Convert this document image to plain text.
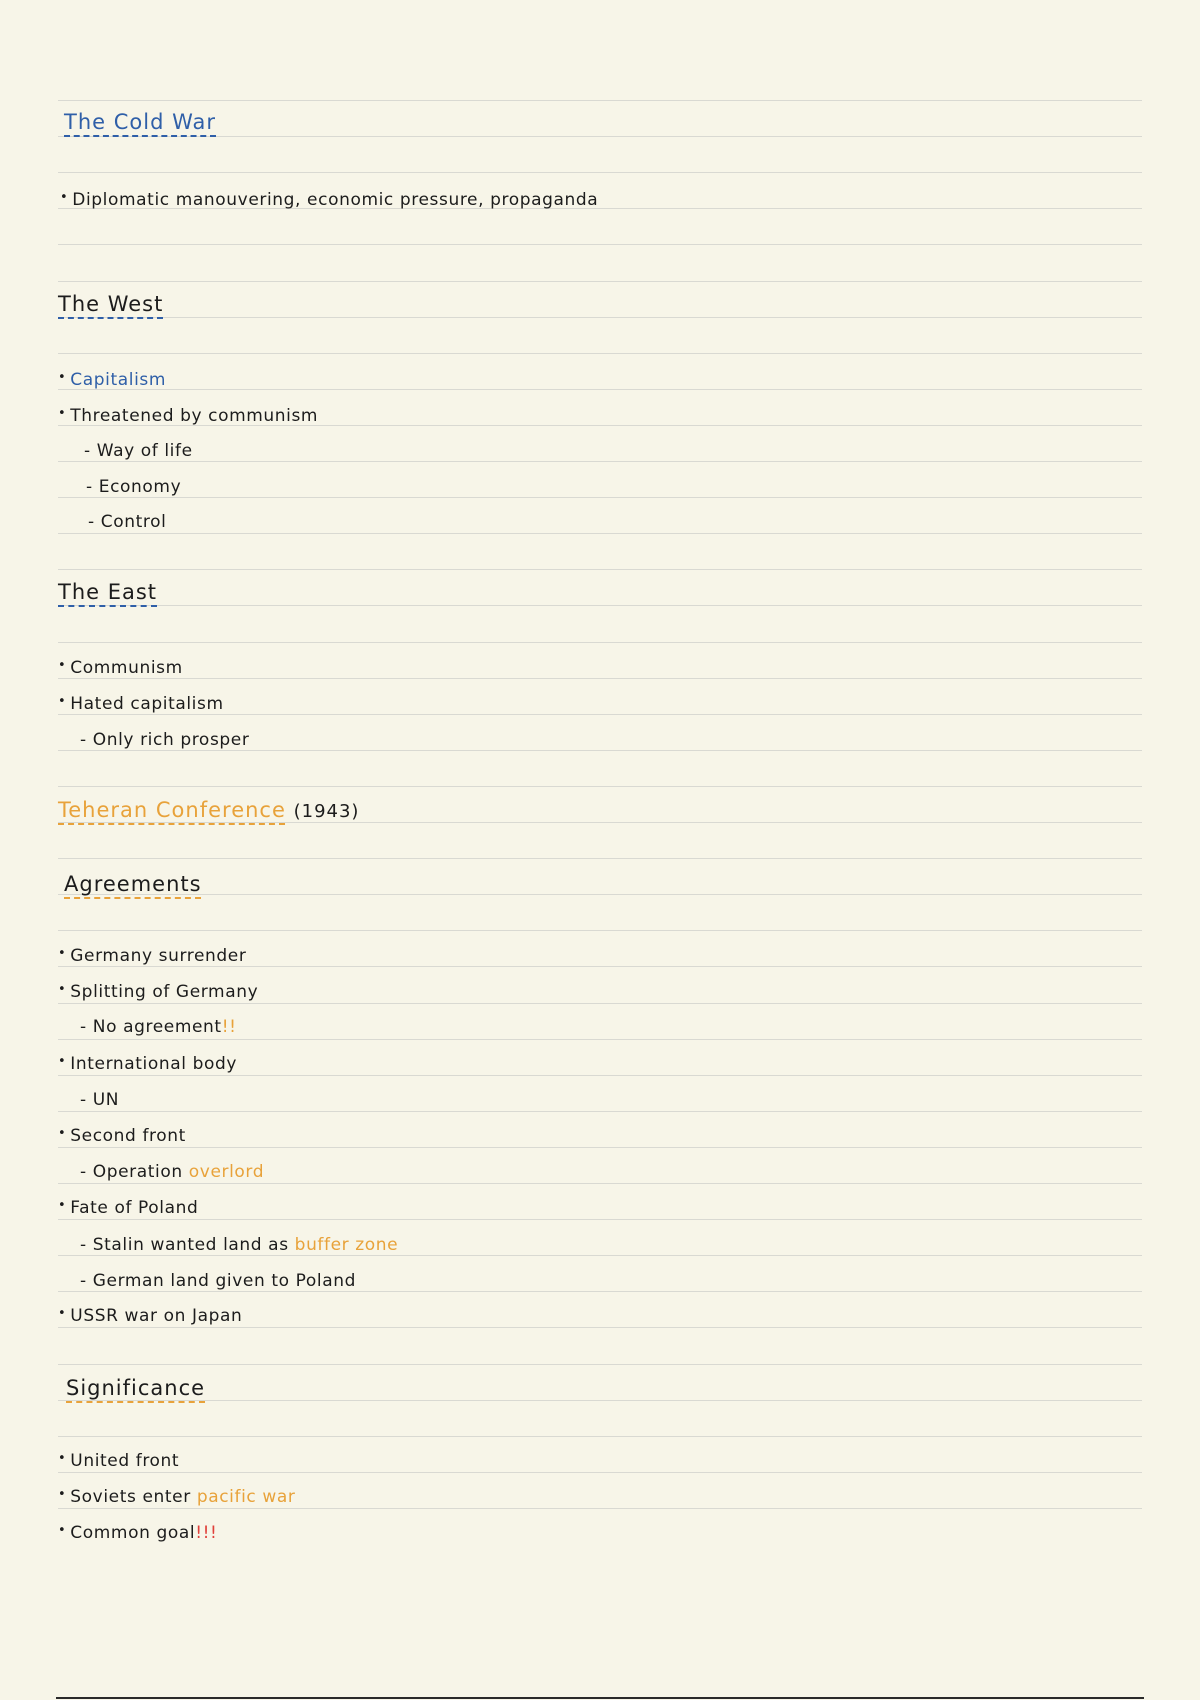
The Cold War
• Diplomatic manouvering, economic pressure, propaganda
The West
• Capitalism
• Threatened by communism
- Way of life
- Economy
- Control
The East
• Communism
• Hated capitalism
- Only rich prosper
Teheran Conference (1943)
Agreements
• Germany surrender
• Splitting of Germany
- No agreement!!
• International body
- UN
• Second front
- Operation overlord
• Fate of Poland
- Stalin wanted land as buffer zone
- German land given to Poland
• USSR war on Japan
Significance
• United front
• Soviets enter pacific war
• Common goal!!!
